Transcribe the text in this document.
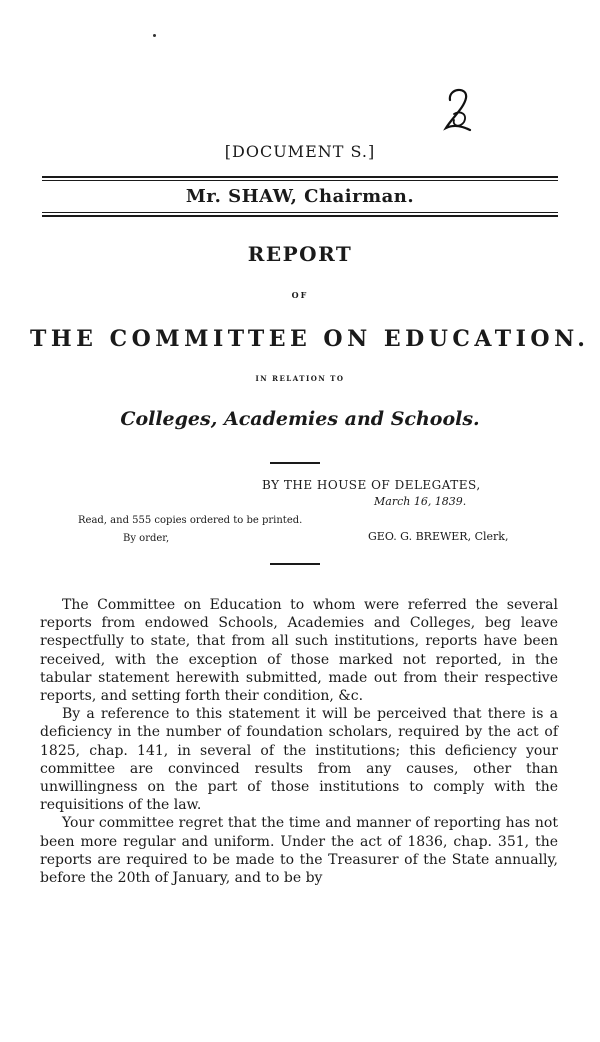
[DOCUMENT S.]
Mr. SHAW, Chairman.
REPORT
OF
THE COMMITTEE ON EDUCATION.
IN RELATION TO
Colleges, Academies and Schools.
BY THE HOUSE OF DELEGATES,
March 16, 1839.
Read, and 555 copies ordered to be printed.
By order,	GEO. G. BREWER, Clerk,

The Committee on Education to whom were referred the several reports from endowed Schools, Academies and Colleges, beg leave respectfully to state, that from all such institutions, reports have been received, with the exception of those marked not reported, in the tabular statement herewith submitted, made out from their respective reports, and setting forth their condition, &c.

By a reference to this statement it will be perceived that there is a deficiency in the number of foundation scholars, required by the act of 1825, chap. 141, in several of the institutions; this deficiency your committee are convinced results from any causes, other than unwillingness on the part of those institutions to comply with the requisitions of the law.

Your committee regret that the time and manner of reporting has not been more regular and uniform. Under the act of 1836, chap. 351, the reports are required to be made to the Treasurer of the State annually, before the 20th of January, and to be by
